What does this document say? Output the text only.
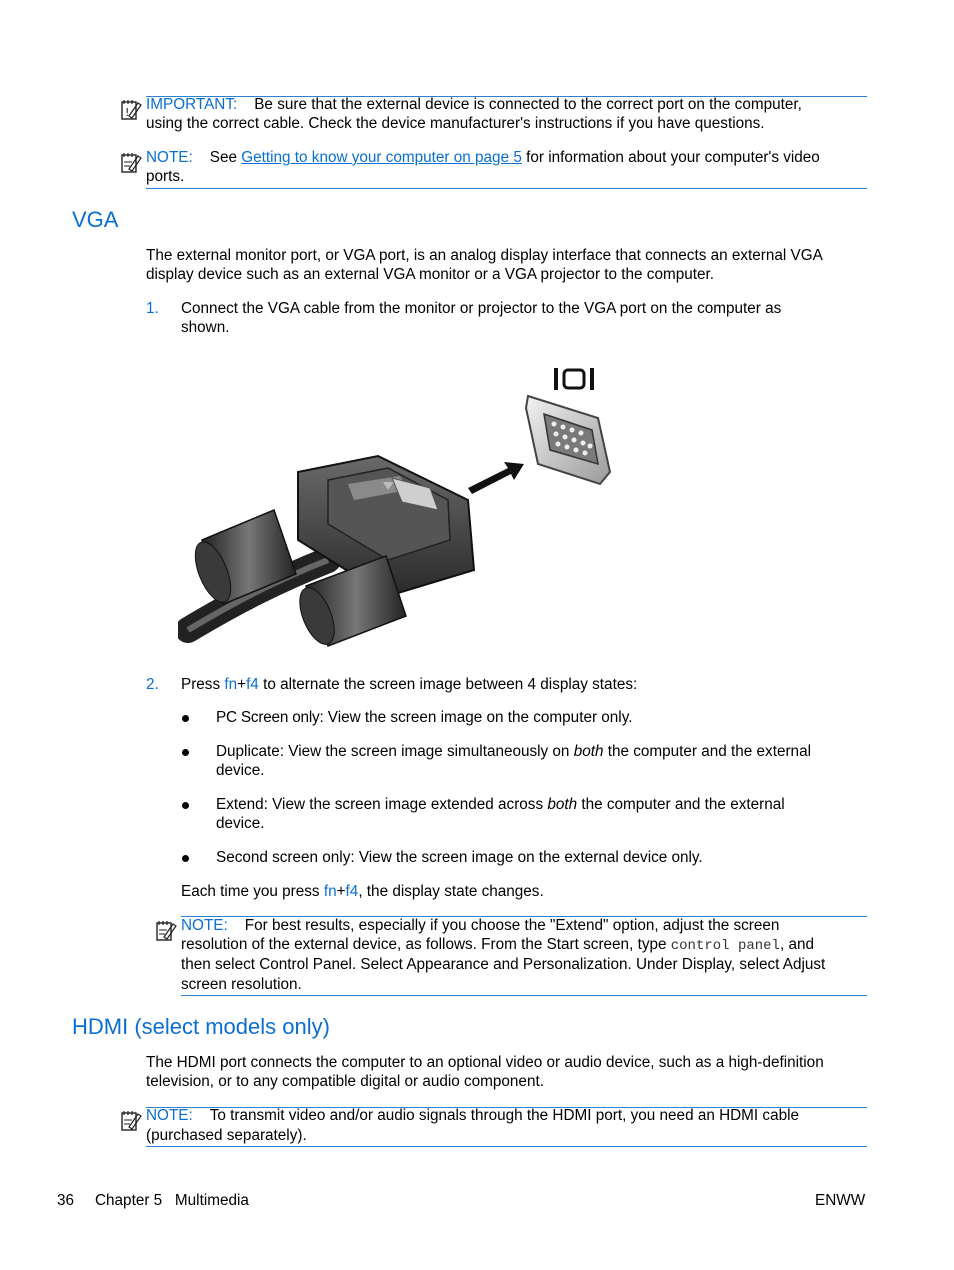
! IMPORTANT: Be sure that the external device is connected to the correct port on the computer,
using the correct cable. Check the device manufacturer's instructions if you have questions.
NOTE: See Getting to know your computer on page 5 for information about your computer's video
ports.
VGA
The external monitor port, or VGA port, is an analog display interface that connects an external VGA
display device such as an external VGA monitor or a VGA projector to the computer.
1. Connect the VGA cable from the monitor or projector to the VGA port on the computer as
shown.
2. Press fn+f4 to alternate the screen image between 4 display states:
PC Screen only: View the screen image on the computer only.
Duplicate: View the screen image simultaneously on both the computer and the external
device.
Extend: View the screen image extended across both the computer and the external
device.
Second screen only: View the screen image on the external device only.
Each time you press fn+f4, the display state changes.
NOTE: For best results, especially if you choose the "Extend" option, adjust the screen
resolution of the external device, as follows. From the Start screen, type control panel, and
then select Control Panel. Select Appearance and Personalization. Under Display, select Adjust
screen resolution.
HDMI (select models only)
The HDMI port connects the computer to an optional video or audio device, such as a high-definition
television, or to any compatible digital or audio component.
NOTE: To transmit video and/or audio signals through the HDMI port, you need an HDMI cable
(purchased separately).
36 Chapter 5   Multimedia	ENWW
